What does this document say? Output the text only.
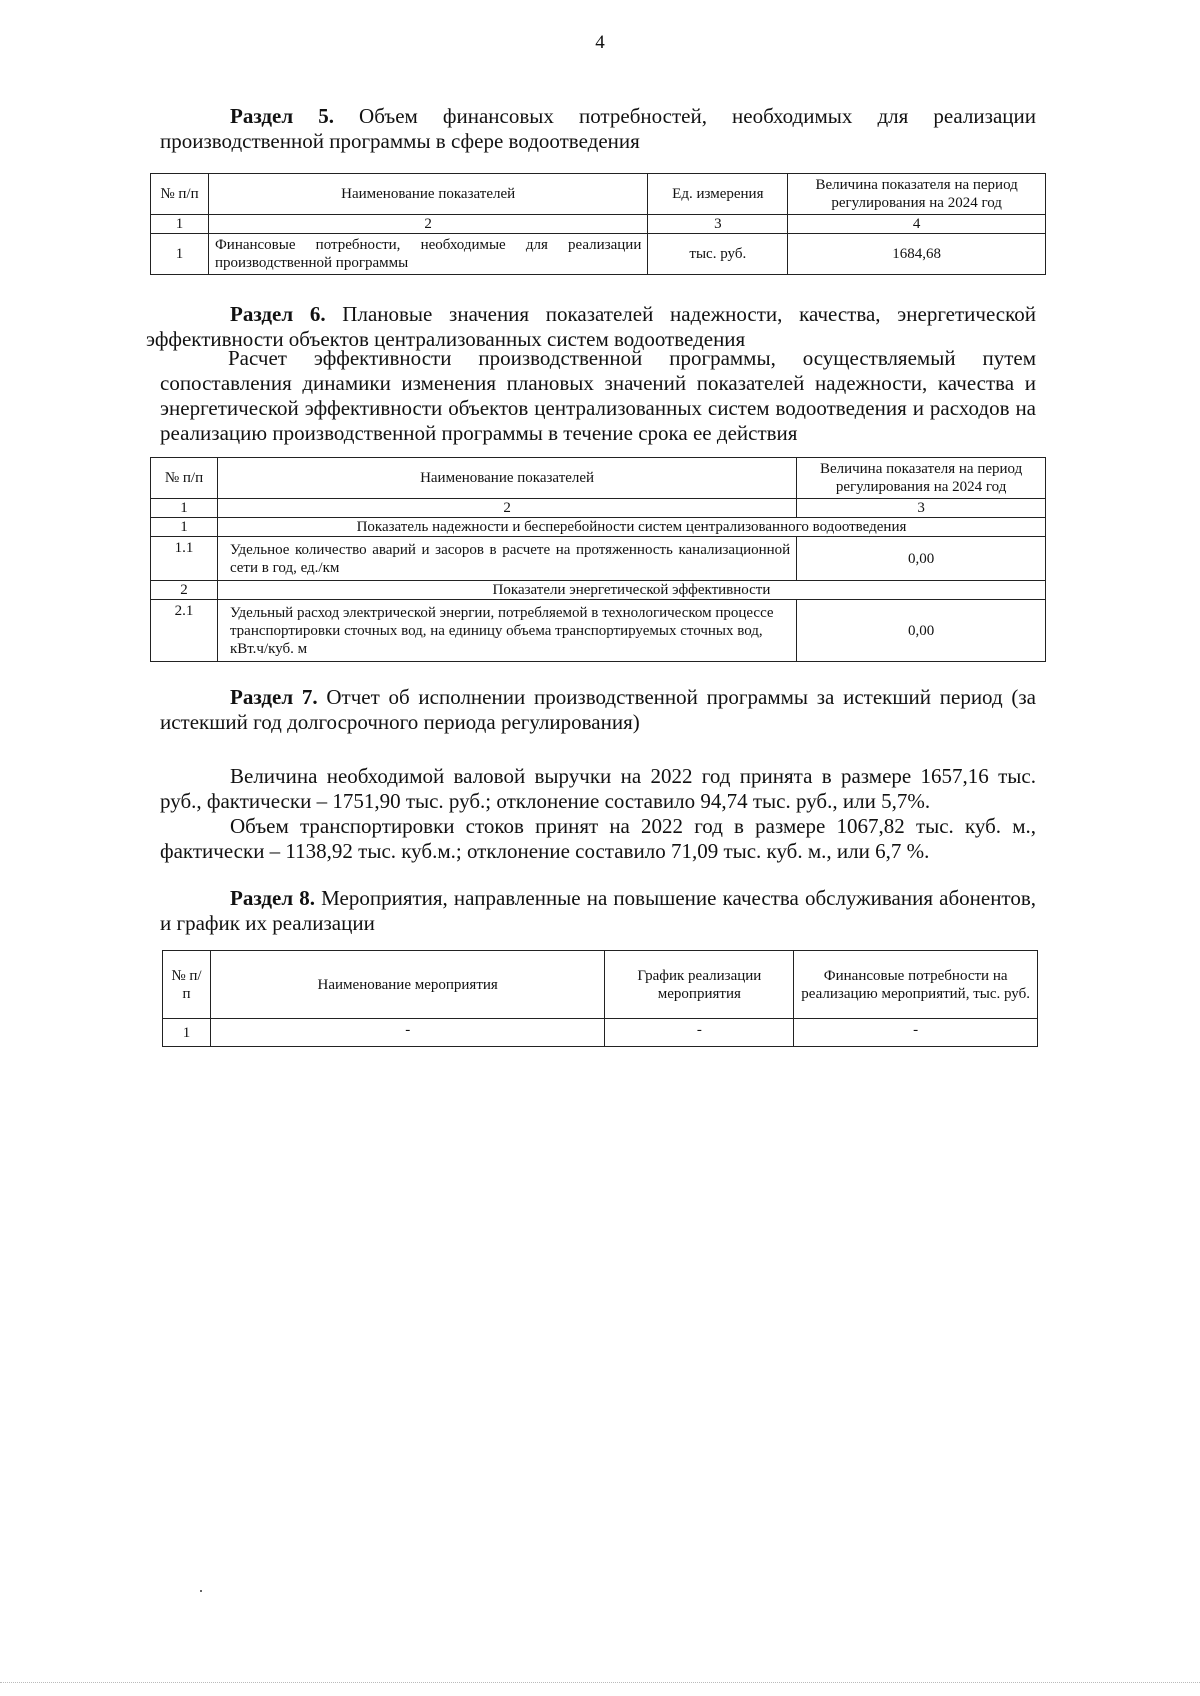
4
Раздел 5. Объем финансовых потребностей, необходимых для реализации производственной программы в сфере водоотведения
№ п/п	Наименование показателей	Ед. измерения	Величина показателя на период регулирования на 2024 год
1	2	3	4
1	Финансовые потребности, необходимые для реализации производственной программы	тыс. руб.	1684,68
Раздел 6. Плановые значения показателей надежности, качества, энергетической эффективности объектов централизованных систем водоотведения
Расчет эффективности производственной программы, осуществляемый путем сопоставления динамики изменения плановых значений показателей надежности, качества и энергетической эффективности объектов централизованных систем водоотведения и расходов на реализацию производственной программы в течение срока ее действия
№ п/п	Наименование показателей	Величина показателя на период регулирования на 2024 год
1	2	3
1	Показатель надежности и бесперебойности систем централизованного водоотведения	
1.1	Удельное количество аварий и засоров в расчете на протяженность канализационной сети в год, ед./км	0,00
2	Показатели энергетической эффективности	
2.1	Удельный расход электрической энергии, потребляемой в технологическом процессе транспортировки сточных вод, на единицу объема транспортируемых сточных вод, кВт.ч/куб. м	0,00
Раздел 7. Отчет об исполнении производственной программы за истекший период (за истекший год долгосрочного периода регулирования)
Величина необходимой валовой выручки на 2022 год принята в размере 1657,16 тыс. руб., фактически – 1751,90 тыс. руб.; отклонение составило 94,74 тыс. руб., или 5,7%.
Объем транспортировки стоков принят на 2022 год в размере 1067,82 тыс. куб. м., фактически – 1138,92 тыс. куб.м.; отклонение составило 71,09 тыс. куб. м., или 6,7 %.
Раздел 8. Мероприятия, направленные на повышение качества обслуживания абонентов, и график их реализации
№ п/п	Наименование мероприятия	График реализации мероприятия	Финансовые потребности на реализацию мероприятий, тыс. руб.
1	-	-	-
